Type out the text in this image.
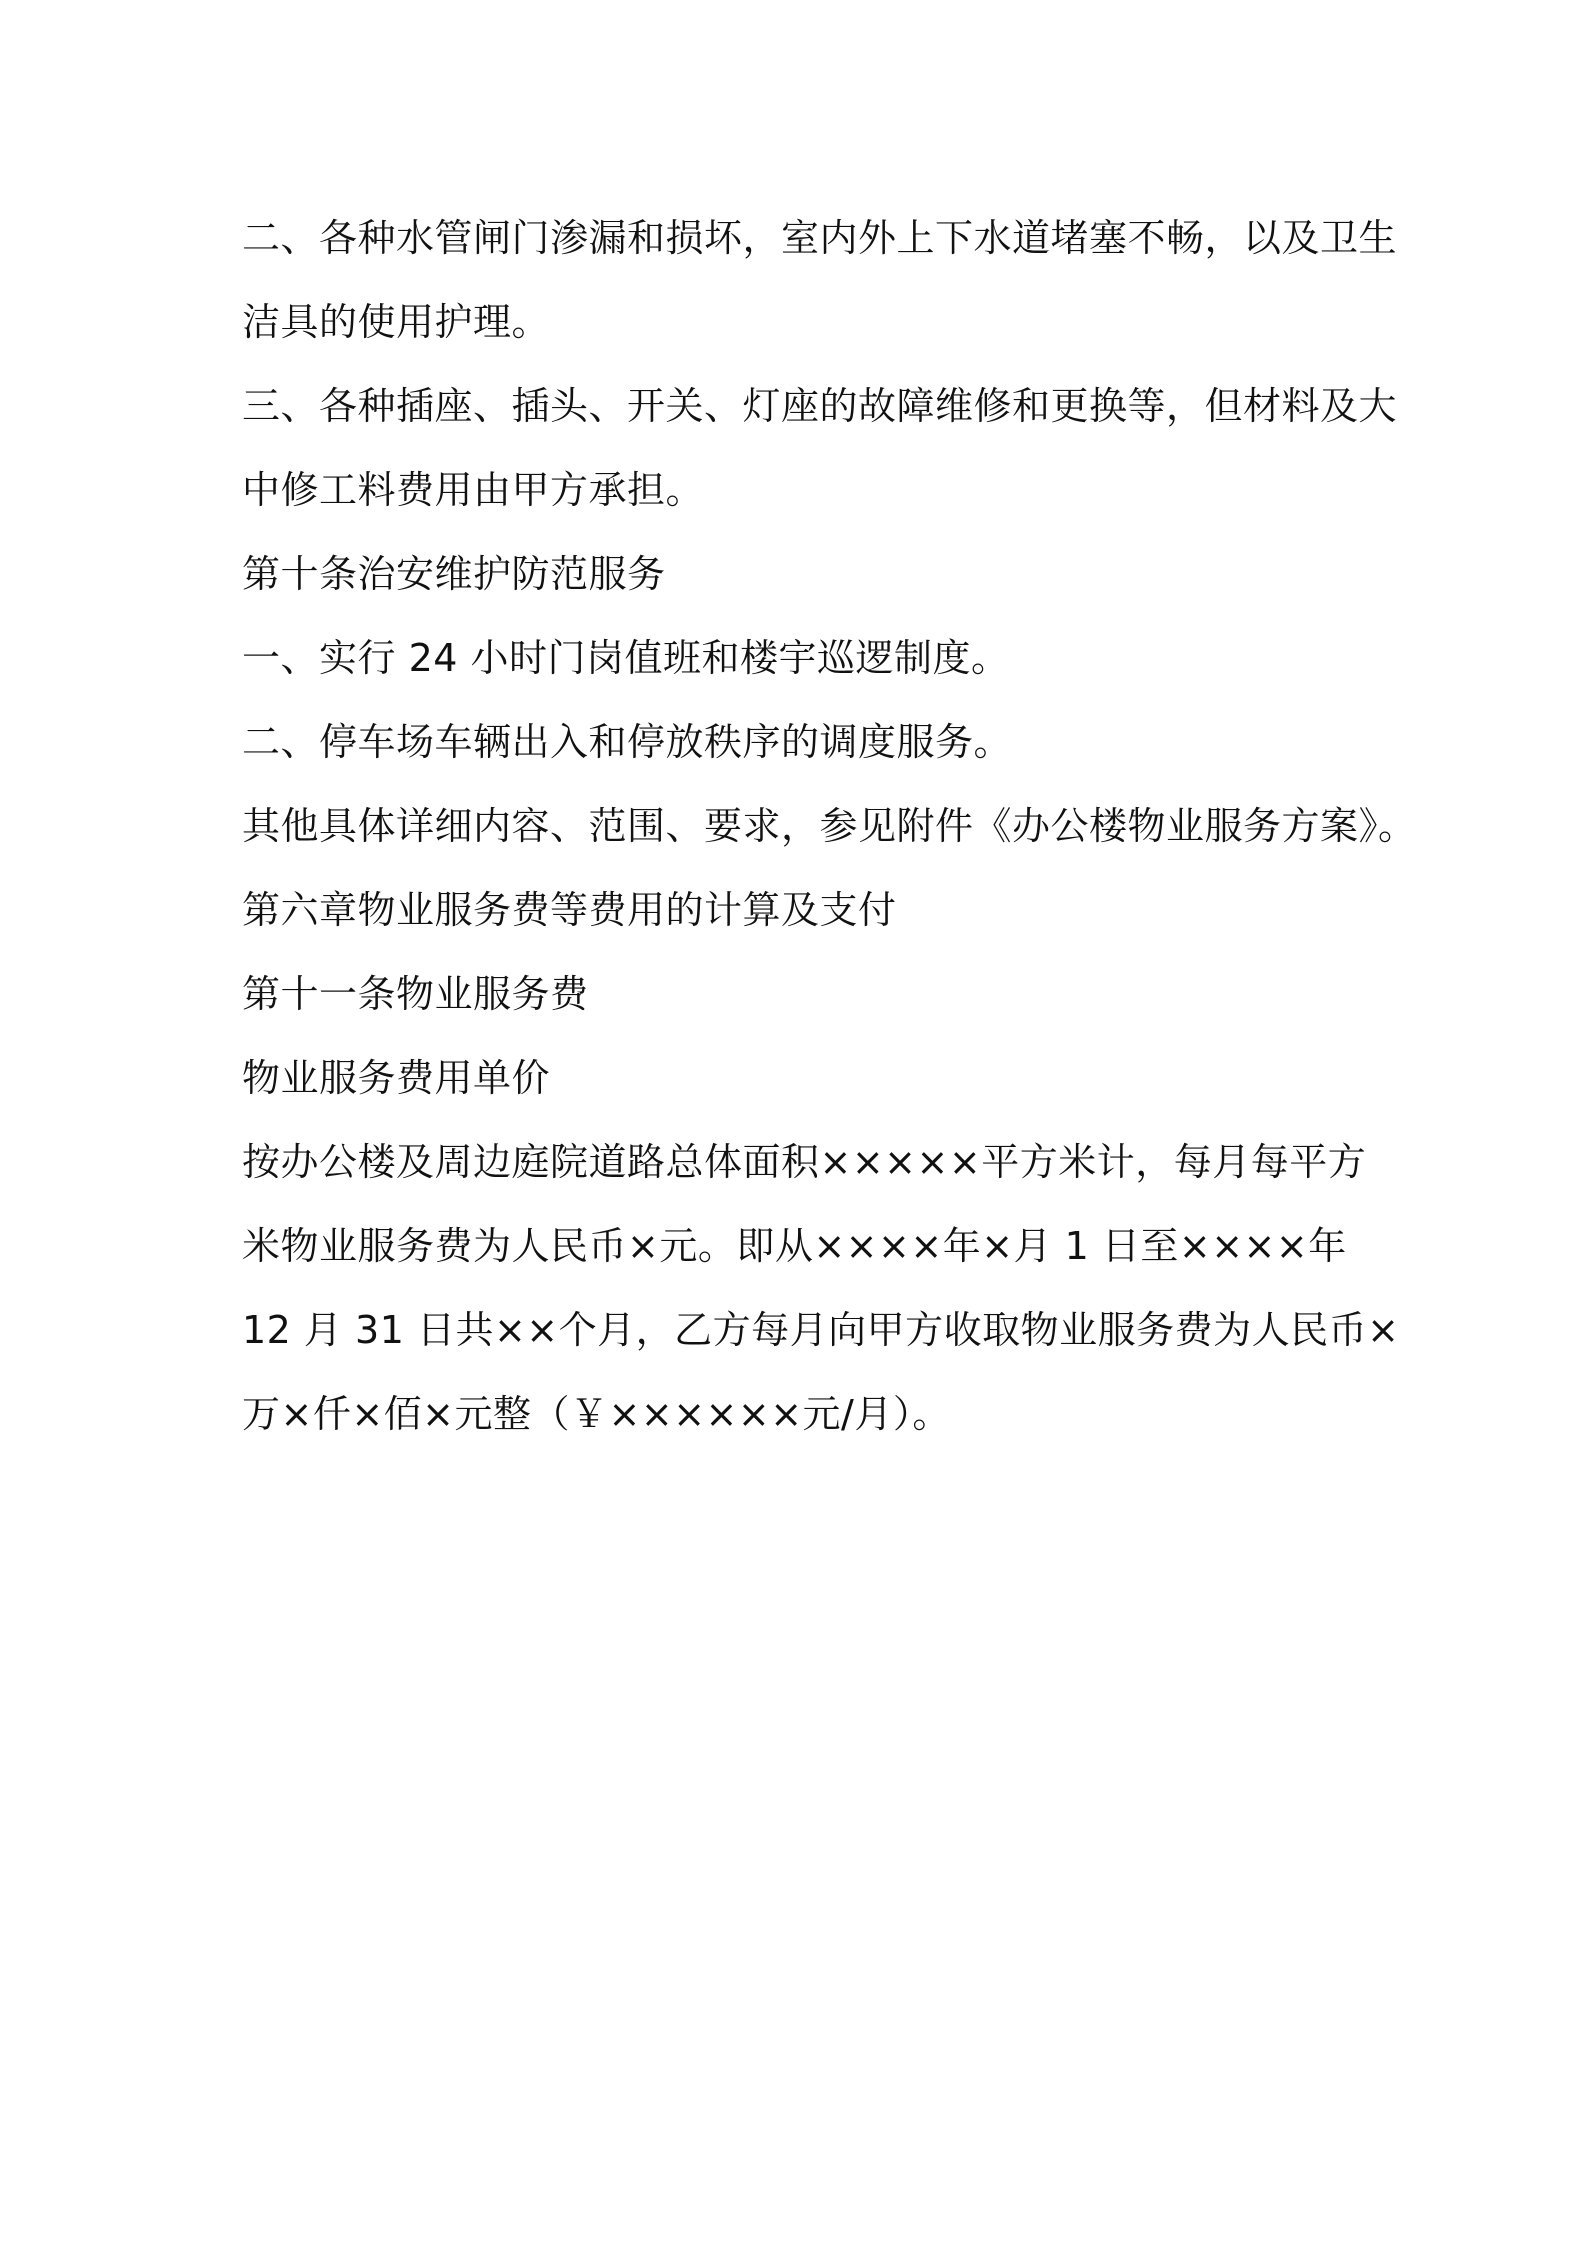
二、各种水管闸门渗漏和损坏，室内外上下水道堵塞不畅，以及卫生
洁具的使用护理。
三、各种插座、插头、开关、灯座的故障维修和更换等，但材料及大
中修工料费用由甲方承担。
第十条治安维护防范服务
一、实行 24 小时门岗值班和楼宇巡逻制度。
二、停车场车辆出入和停放秩序的调度服务。
其他具体详细内容、范围、要求，参见附件《办公楼物业服务方案》。
第六章物业服务费等费用的计算及支付
第十一条物业服务费
物业服务费用单价
按办公楼及周边庭院道路总体面积×××××平方米计，每月每平方
米物业服务费为人民币×元。即从××××年×月 1 日至××××年
12 月 31 日共××个月，乙方每月向甲方收取物业服务费为人民币×
万×仟×佰×元整（￥××××××元/月）。
